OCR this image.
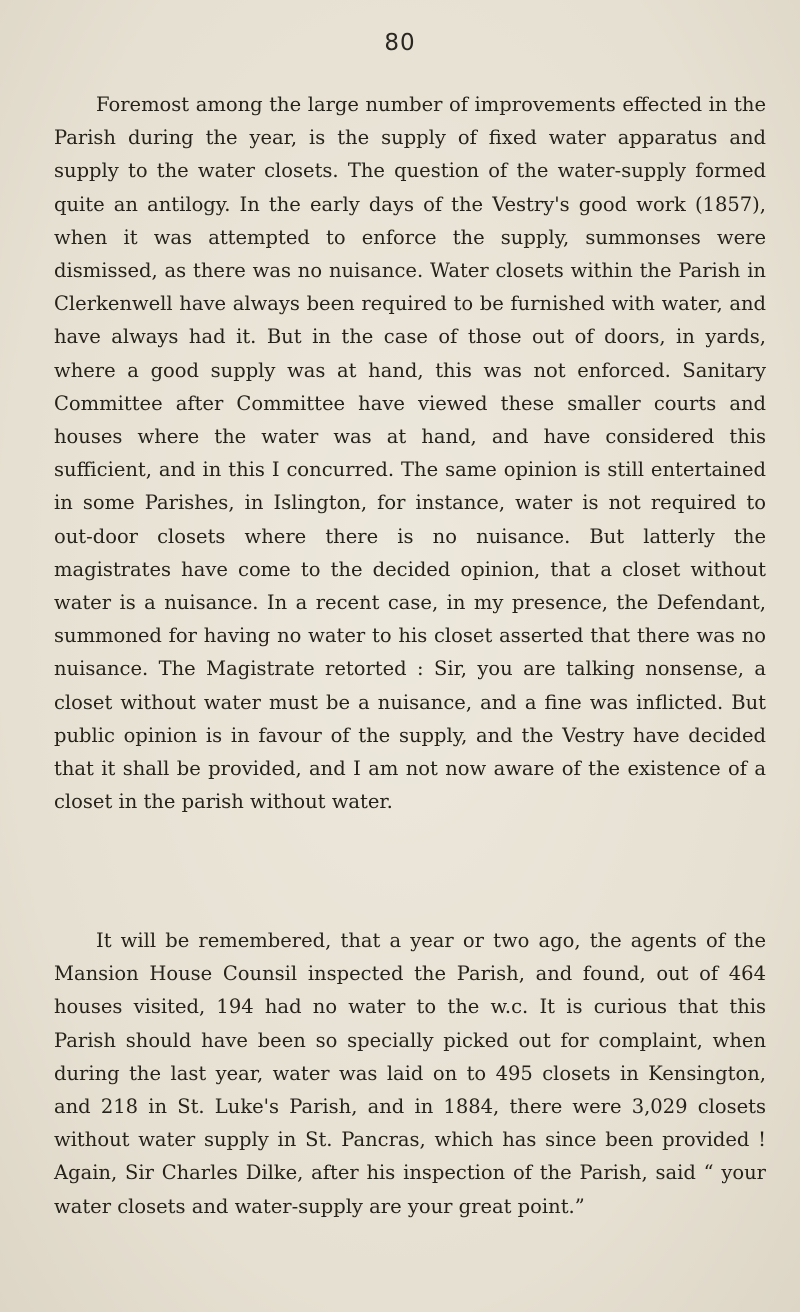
80

Foremost among the large number of improvements effected in the Parish during the year, is the supply of fixed water apparatus and supply to the water closets. The question of the water-supply formed quite an antilogy. In the early days of the Vestry's good work (1857), when it was attempted to enforce the supply, summonses were dismissed, as there was no nuisance. Water closets within the Parish in Clerkenwell have always been required to be furnished with water, and have always had it. But in the case of those out of doors, in yards, where a good supply was at hand, this was not enforced. Sanitary Committee after Committee have viewed these smaller courts and houses where the water was at hand, and have considered this sufficient, and in this I concurred. The same opinion is still entertained in some Parishes, in Islington, for instance, water is not required to out-door closets where there is no nuisance. But latterly the magistrates have come to the decided opinion, that a closet without water is a nuisance. In a recent case, in my presence, the Defendant, summoned for having no water to his closet asserted that there was no nuisance. The Magistrate retorted : Sir, you are talking nonsense, a closet without water must be a nuisance, and a fine was inflicted. But public opinion is in favour of the supply, and the Vestry have decided that it shall be provided, and I am not now aware of the existence of a closet in the parish without water.

It will be remembered, that a year or two ago, the agents of the Mansion House Counsil inspected the Parish, and found, out of 464 houses visited, 194 had no water to the w.c. It is curious that this Parish should have been so specially picked out for complaint, when during the last year, water was laid on to 495 closets in Kensington, and 218 in St. Luke's Parish, and in 1884, there were 3,029 closets without water supply in St. Pancras, which has since been provided ! Again, Sir Charles Dilke, after his inspection of the Parish, said “ your water closets and water-supply are your great point.”
